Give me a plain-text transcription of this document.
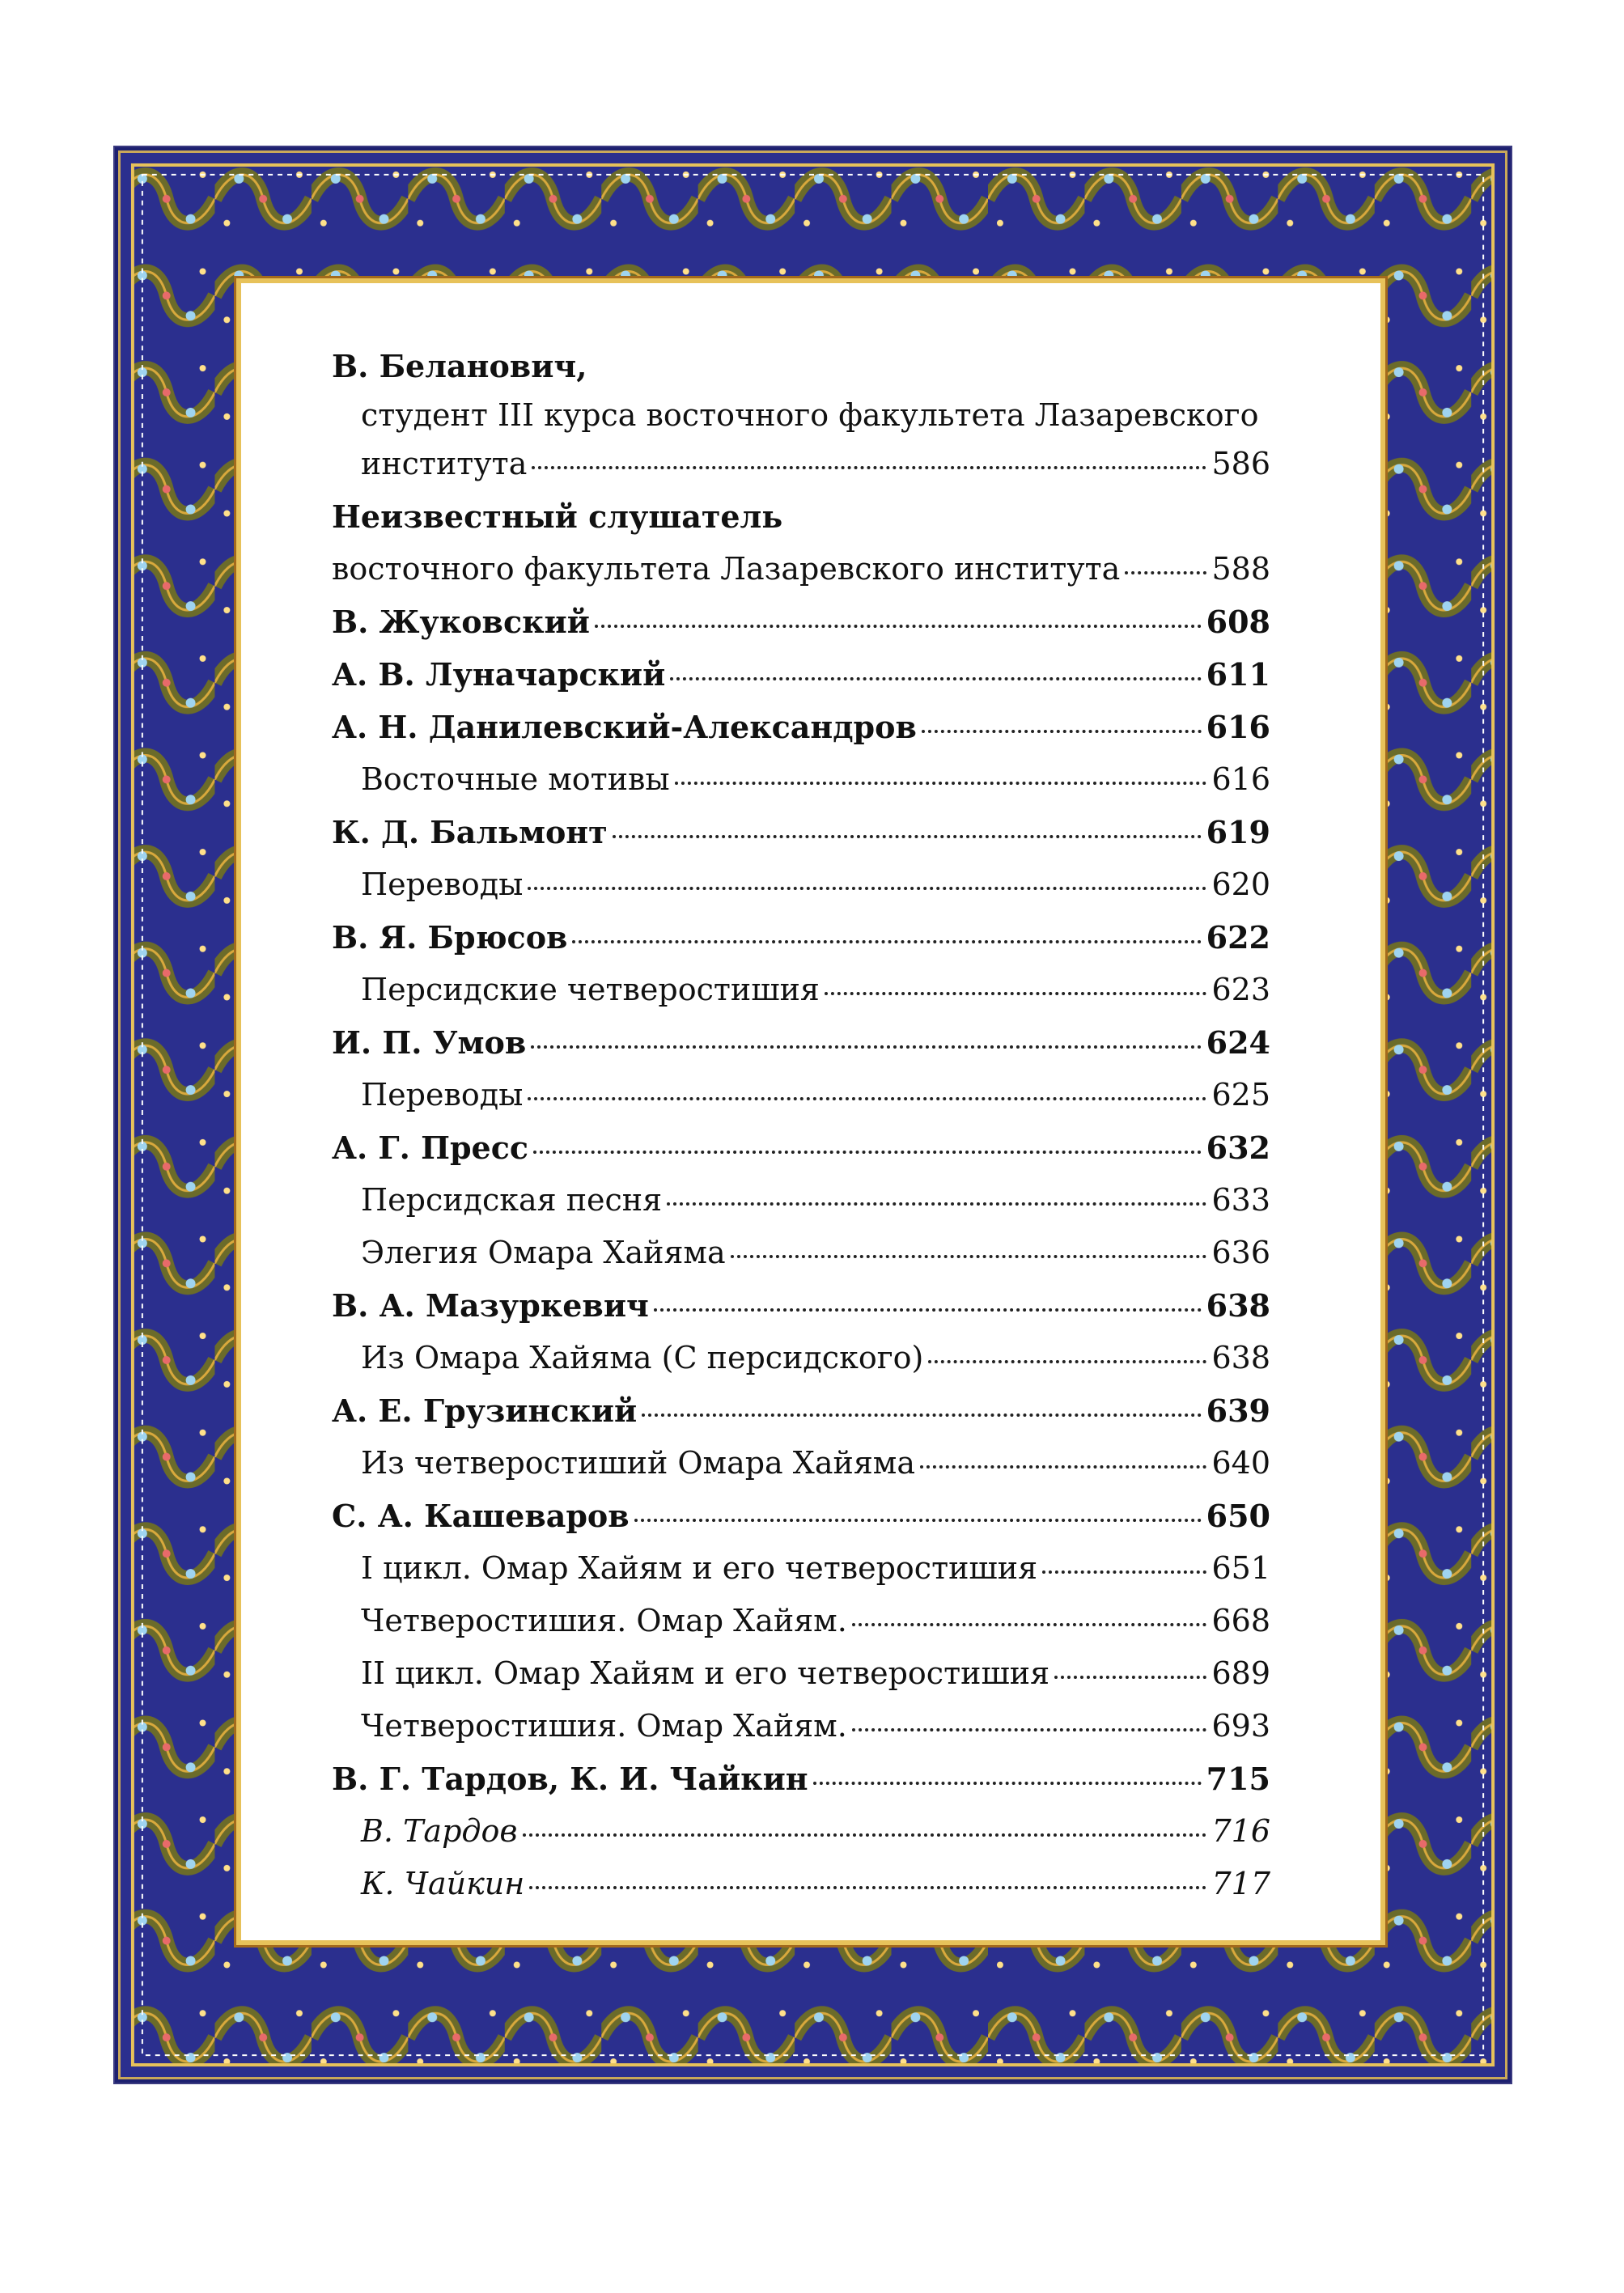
В. Беланович,
студент III курса восточного факультета Лазаревского
института	586
Неизвестный слушатель
восточного факультета Лазаревского института	588
В. Жуковский	608
А. В. Луначарский	611
А. Н. Данилевский-Александров	616
Восточные мотивы	616
К. Д. Бальмонт	619
Переводы	620
В. Я. Брюсов	622
Персидские четверостишия	623
И. П. Умов	624
Переводы	625
А. Г. Пресс	632
Персидская песня	633
Элегия Омара Хайяма	636
В. А. Мазуркевич	638
Из Омара Хайяма (С персидского)	638
А. Е. Грузинский	639
Из четверостиший Омара Хайяма	640
С. А. Кашеваров	650
I цикл. Омар Хайям и его четверостишия	651
Четверостишия. Омар Хайям.	668
II цикл. Омар Хайям и его четверостишия	689
Четверостишия. Омар Хайям.	693
В. Г. Тардов, К. И. Чайкин	715
В. Тардов	716
К. Чайкин	717
